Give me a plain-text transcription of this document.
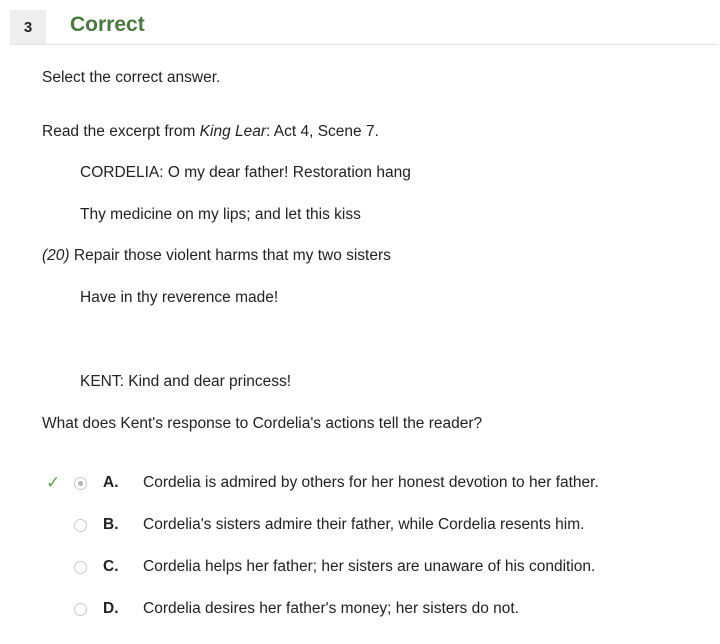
3	Correct
Select the correct answer.
Read the excerpt from King Lear: Act 4, Scene 7.
CORDELIA: O my dear father! Restoration hang
Thy medicine on my lips; and let this kiss
(20) Repair those violent harms that my two sisters
Have in thy reverence made!
KENT: Kind and dear princess!
What does Kent's response to Cordelia's actions tell the reader?
✓	A. Cordelia is admired by others for her honest devotion to her father.
B. Cordelia's sisters admire their father, while Cordelia resents him.
C. Cordelia helps her father; her sisters are unaware of his condition.
D. Cordelia desires her father's money; her sisters do not.
